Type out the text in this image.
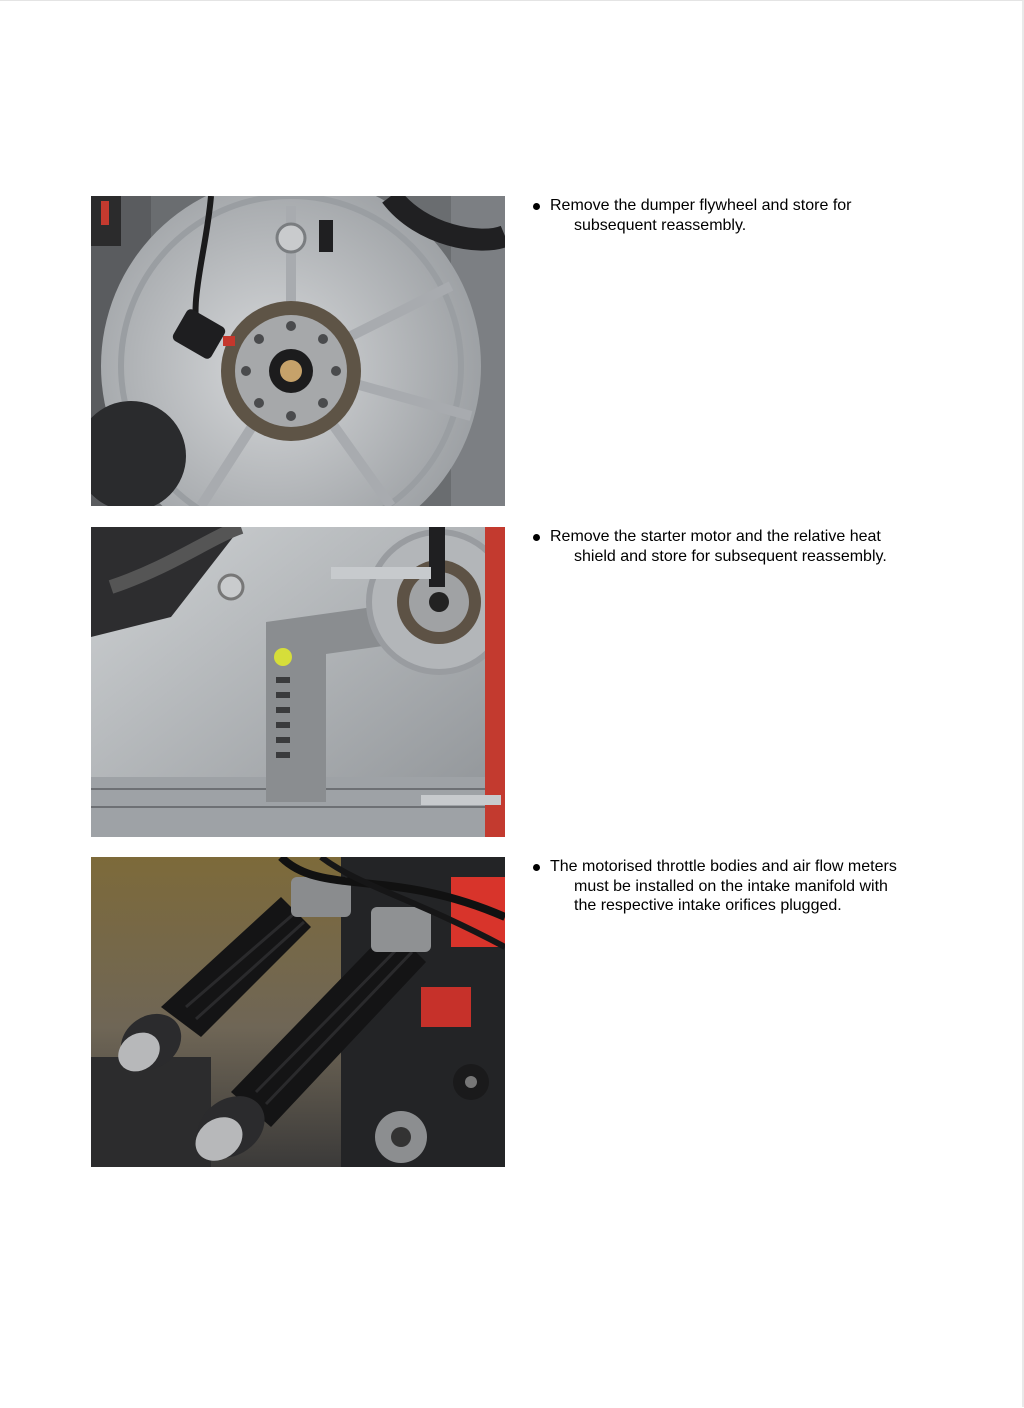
Remove the dumper flywheel and store for
subsequent reassembly.
Remove the starter motor and the relative heat
shield and store for subsequent reassembly.
The motorised throttle bodies and air flow meters
must be installed on the intake manifold with
the respective intake orifices plugged.
